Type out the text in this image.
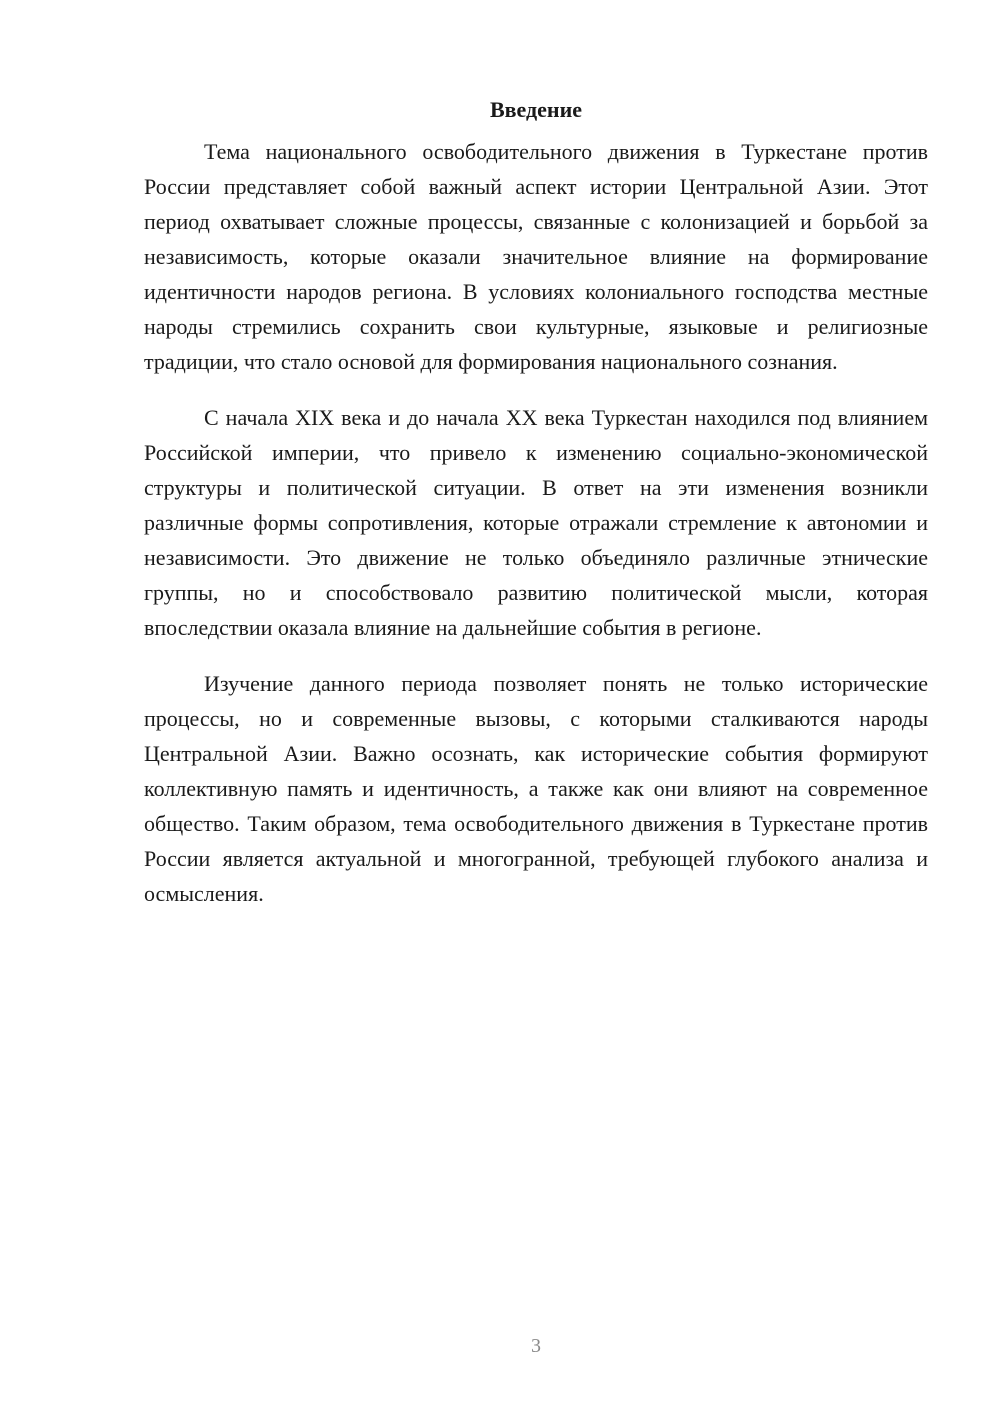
Введение

Тема национального освободительного движения в Туркестане против России представляет собой важный аспект истории Центральной Азии. Этот период охватывает сложные процессы, связанные с колонизацией и борьбой за независимость, которые оказали значительное влияние на формирование идентичности народов региона. В условиях колониального господства местные народы стремились сохранить свои культурные, языковые и религиозные традиции, что стало основой для формирования национального сознания.

С начала XIX века и до начала XX века Туркестан находился под влиянием Российской империи, что привело к изменению социально-экономической структуры и политической ситуации. В ответ на эти изменения возникли различные формы сопротивления, которые отражали стремление к автономии и независимости. Это движение не только объединяло различные этнические группы, но и способствовало развитию политической мысли, которая впоследствии оказала влияние на дальнейшие события в регионе.

Изучение данного периода позволяет понять не только исторические процессы, но и современные вызовы, с которыми сталкиваются народы Центральной Азии. Важно осознать, как исторические события формируют коллективную память и идентичность, а также как они влияют на современное общество. Таким образом, тема освободительного движения в Туркестане против России является актуальной и многогранной, требующей глубокого анализа и осмысления.

3
